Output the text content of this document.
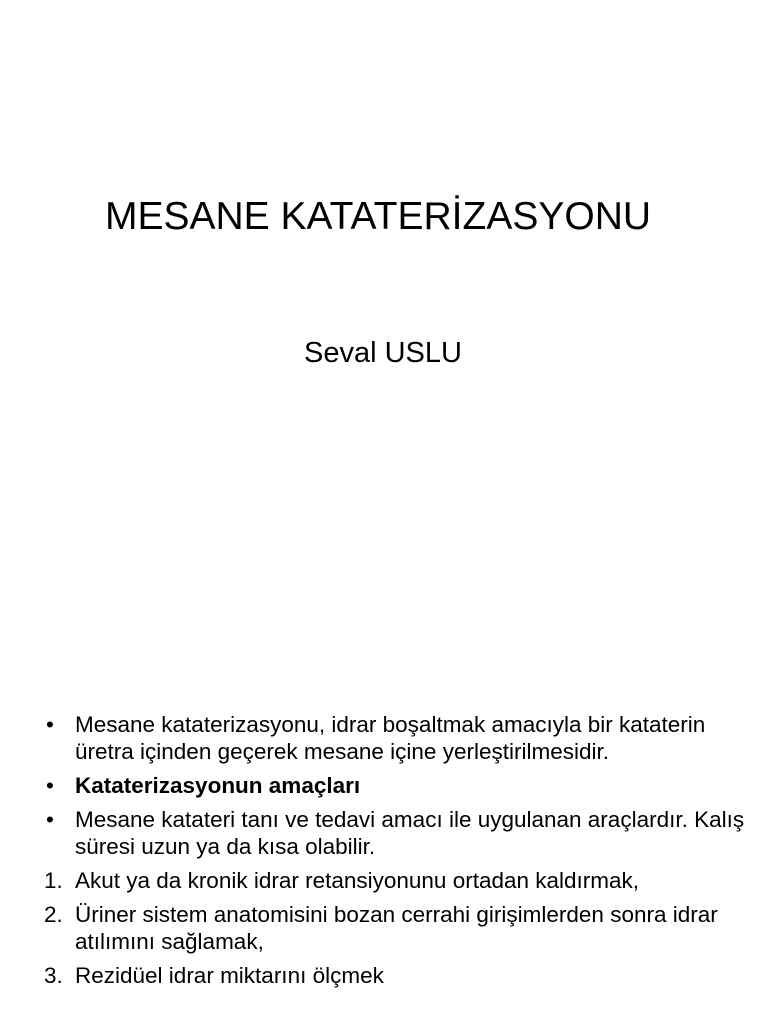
MESANE KATATERİZASYONU

Seval USLU

• Mesane kataterizasyonu, idrar boşaltmak amacıyla bir kataterin üretra içinden geçerek mesane içine yerleştirilmesidir.
• Kataterizasyonun amaçları
• Mesane katateri tanı ve tedavi amacı ile uygulanan araçlardır. Kalış süresi uzun ya da kısa olabilir.
1. Akut ya da kronik idrar retansiyonunu ortadan kaldırmak,
2. Üriner sistem anatomisini bozan cerrahi girişimlerden sonra idrar atılımını sağlamak,
3. Rezidüel idrar miktarını ölçmek
